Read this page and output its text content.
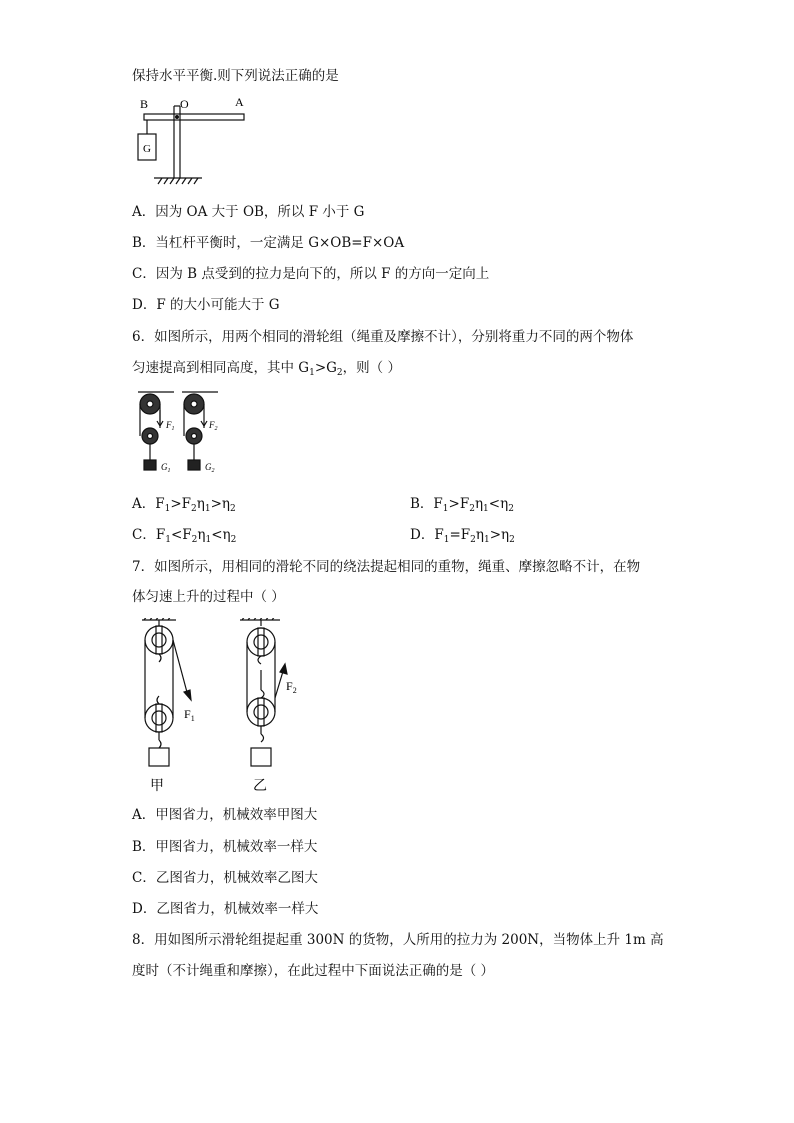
保持水平平衡.则下列说法正确的是
B	O	A
G
A．因为 OA 大于 OB，所以 F 小于 G
B．当杠杆平衡时，一定满足 G×OB=F×OA
C．因为 B 点受到的拉力是向下的，所以 F 的方向一定向上
D．F 的大小可能大于 G
6．如图所示，用两个相同的滑轮组（绳重及摩擦不计），分别将重力不同的两个物体
匀速提高到相同高度，其中 $G_1>G_2$，则（ ）
$F_1$	$F_2$
$G_1$	$G_2$
A．$F_1>F_2\eta_1>\eta_2$	B．$F_1>F_2\eta_1<\eta_2$
C．$F_1<F_2\eta_1<\eta_2$	D．$F_1=F_2\eta_1>\eta_2$
7．如图所示，用相同的滑轮不同的绕法提起相同的重物，绳重、摩擦忽略不计，在物
体匀速上升的过程中（ ）
$F_1$
$F_2$
甲	乙
A．甲图省力，机械效率甲图大
B．甲图省力，机械效率一样大
C．乙图省力，机械效率乙图大
D．乙图省力，机械效率一样大
8．用如图所示滑轮组提起重 300N 的货物，人所用的拉力为 200N，当物体上升 1m 高
度时（不计绳重和摩擦），在此过程中下面说法正确的是（ ）
